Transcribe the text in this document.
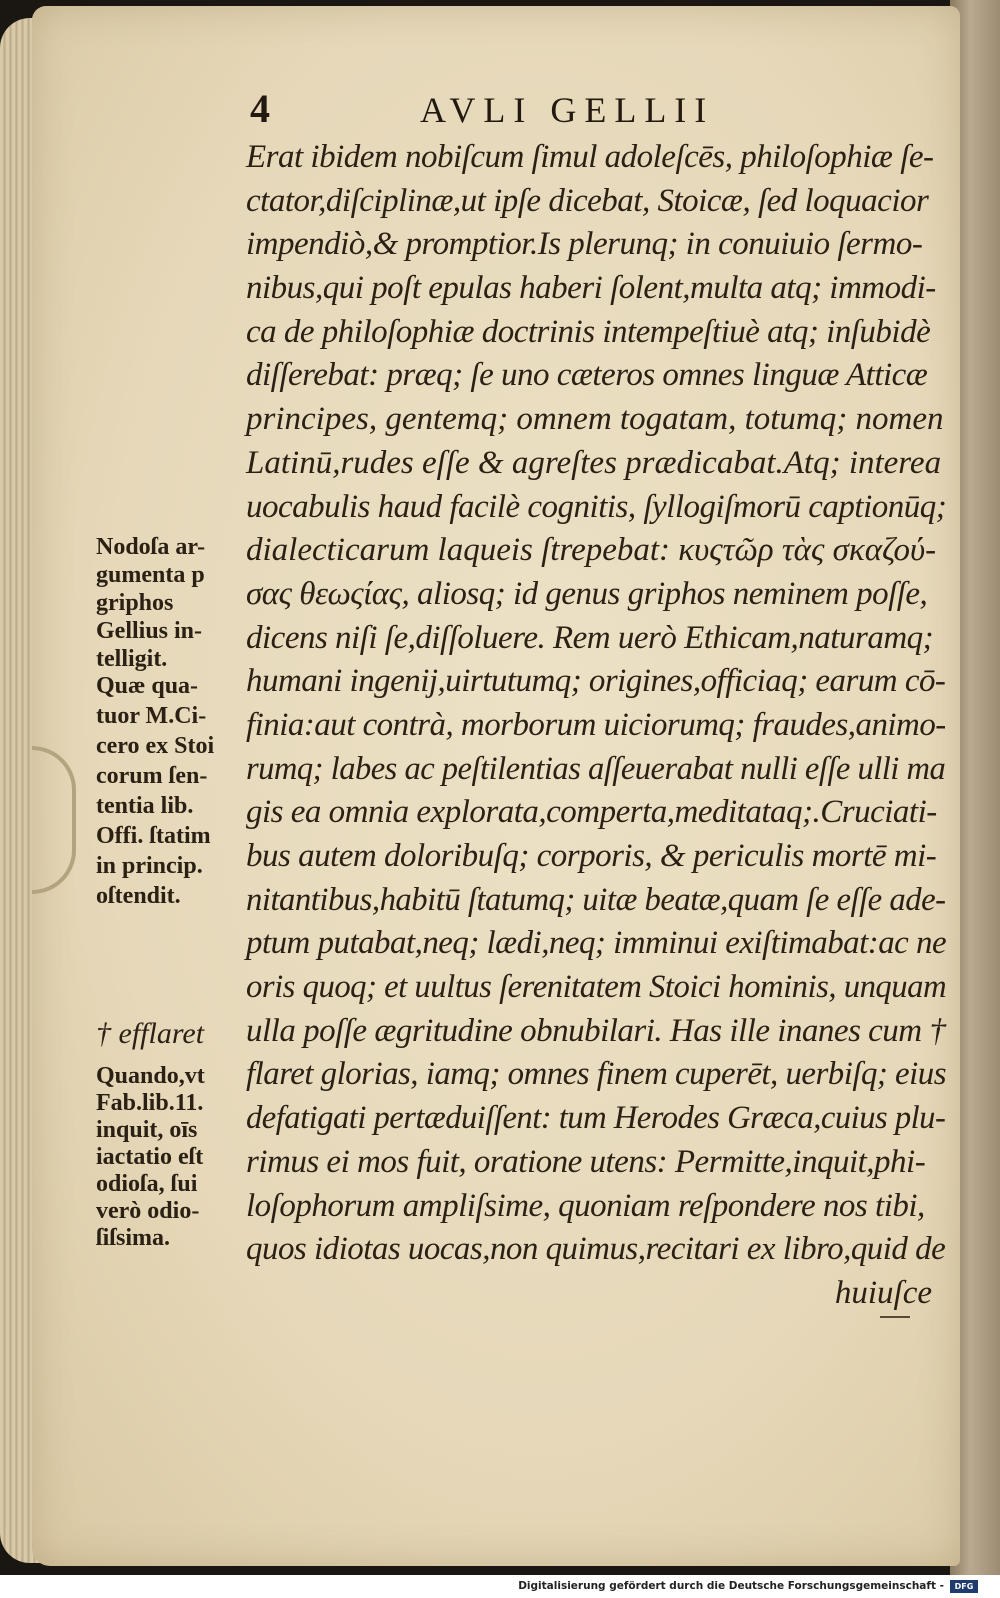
4	AVLI GELLII
Erat ibidem nobiſcum ſimul adoleſcēs, philoſophiæ ſe-
ctator,diſciplinæ,ut ipſe dicebat, Stoicæ, ſed loquacior
impendiò,& promptior.Is plerunq; in conuiuio ſermo-
nibus,qui poſt epulas haberi ſolent,multa atq; immodi-
ca de philoſophiæ doctrinis intempeſtiuè atq; inſubidè
diſſerebat: præq; ſe uno cæteros omnes linguæ Atticæ
principes, gentemq; omnem togatam, totumq; nomen
Latinū,rudes eſſe & agreſtes prædicabat.Atq; interea
uocabulis haud facilè cognitis, ſyllogiſmorū captionūq;
dialecticarum laqueis ſtrepebat: κυςτῶρ τὰς σκαζού-
σας θεωςίας, aliosq; id genus griphos neminem poſſe,
dicens niſi ſe,diſſoluere. Rem uerò Ethicam,naturamq;
humani ingenij,uirtutumq; origines,officiaq; earum cō-
finia:aut contrà, morborum uiciorumq; fraudes,animo-
rumq; labes ac peſtilentias aſſeuerabat nulli eſſe ulli ma
gis ea omnia explorata,comperta,meditataq;.Cruciati-
bus autem doloribuſq; corporis, & periculis mortē mi-
nitantibus,habitū ſtatumq; uitæ beatæ,quam ſe eſſe ade-
ptum putabat,neq; lædi,neq; imminui exiſtimabat:ac ne
oris quoq; et uultus ſerenitatem Stoici hominis, unquam
ulla poſſe ægritudine obnubilari. Has ille inanes cum †
flaret glorias, iamq; omnes finem cuperēt, uerbiſq; eius
defatigati pertæduiſſent: tum Herodes Græca,cuius plu-
rimus ei mos fuit, oratione utens: Permitte,inquit,phi-
loſophorum ampliſsime, quoniam reſpondere nos tibi,
quos idiotas uocas,non quimus,recitari ex libro,quid de
huiuſce
Nodoſa ar-
gumenta p
griphos
Gellius in-
telligit.
Quæ qua-
tuor M.Ci-
cero ex Stoi
corum ſen-
tentia lib.
Offi. ſtatim
in princip.
oſtendit.
† efflaret
Quando,vt
Fab.lib.11.
inquit, oīs
iactatio eſt
odioſa, ſui
verò odio-
ſiſsima.
Digitalisierung gefördert durch die Deutsche Forschungsgemeinschaft -	DFG
